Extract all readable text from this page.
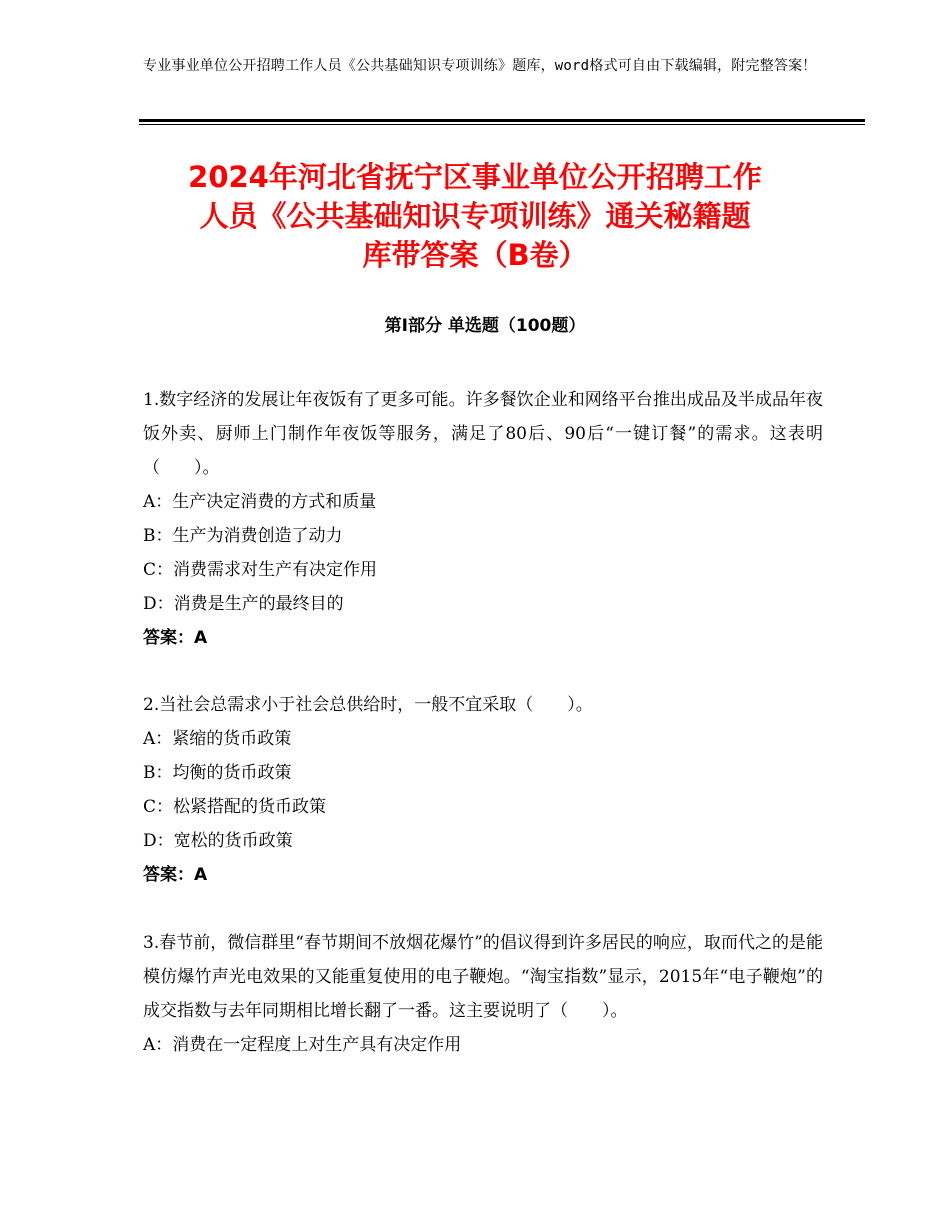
专业事业单位公开招聘工作人员《公共基础知识专项训练》题库，word格式可自由下载编辑，附完整答案！
2024年河北省抚宁区事业单位公开招聘工作
人员《公共基础知识专项训练》通关秘籍题
库带答案（B卷）
第Ⅰ部分 单选题（100题）

1.数字经济的发展让年夜饭有了更多可能。许多餐饮企业和网络平台推出成品及半成品年夜饭外卖、厨师上门制作年夜饭等服务，满足了80后、90后“一键订餐”的需求。这表明（　　）。

A：生产决定消费的方式和质量

B：生产为消费创造了动力

C：消费需求对生产有决定作用

D：消费是生产的最终目的

答案：A

2.当社会总需求小于社会总供给时，一般不宜采取（　　）。

A：紧缩的货币政策

B：均衡的货币政策

C：松紧搭配的货币政策

D：宽松的货币政策

答案：A

3.春节前，微信群里“春节期间不放烟花爆竹”的倡议得到许多居民的响应，取而代之的是能模仿爆竹声光电效果的又能重复使用的电子鞭炮。“淘宝指数”显示，2015年“电子鞭炮”的成交指数与去年同期相比增长翻了一番。这主要说明了（　　）。

A：消费在一定程度上对生产具有决定作用
